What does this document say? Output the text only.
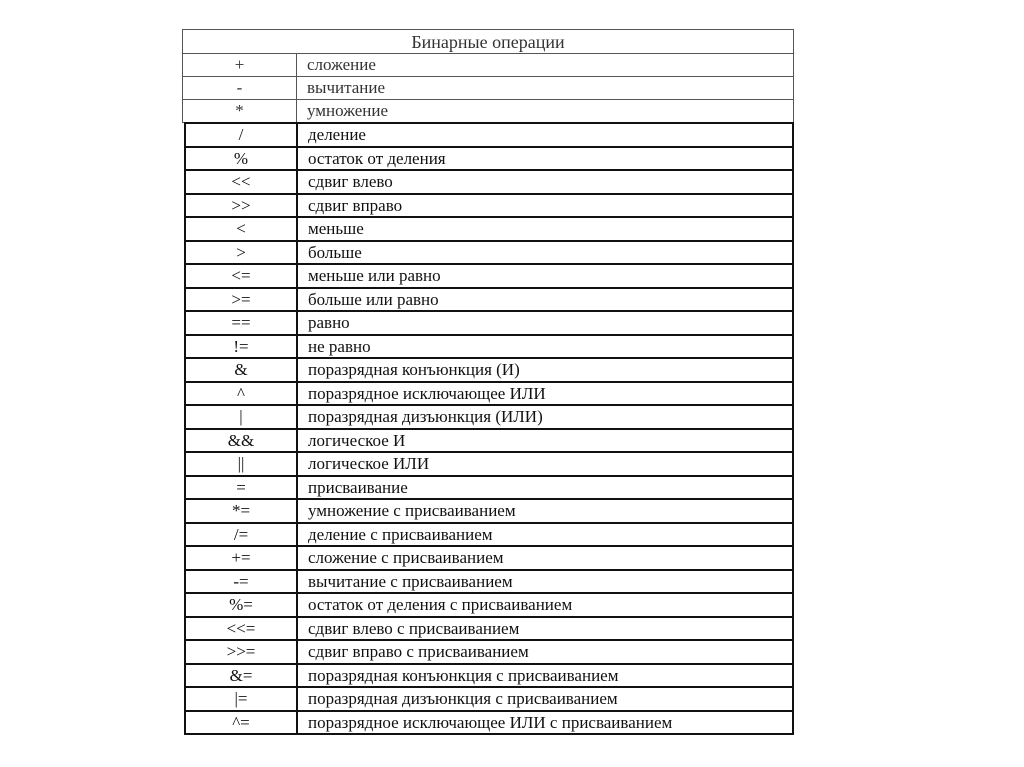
Бинарные операции	
+	сложение
-	вычитание
*	умножение
/	деление
%	остаток от деления
<<	сдвиг влево
>>	сдвиг вправо
<	меньше
>	больше
<=	меньше или равно
>=	больше или равно
==	равно
!=	не равно
&	поразрядная конъюнкция (И)
^	поразрядное исключающее ИЛИ
|	поразрядная дизъюнкция (ИЛИ)
&&	логическое И
||	логическое ИЛИ
=	присваивание
*=	умножение с присваиванием
/=	деление с присваиванием
+=	сложение с присваиванием
-=	вычитание с присваиванием
%=	остаток от деления с присваиванием
<<=	сдвиг влево с присваиванием
>>=	сдвиг вправо с присваиванием
&=	поразрядная конъюнкция с присваиванием
|=	поразрядная дизъюнкция с присваиванием
^=	поразрядное исключающее ИЛИ с присваиванием
